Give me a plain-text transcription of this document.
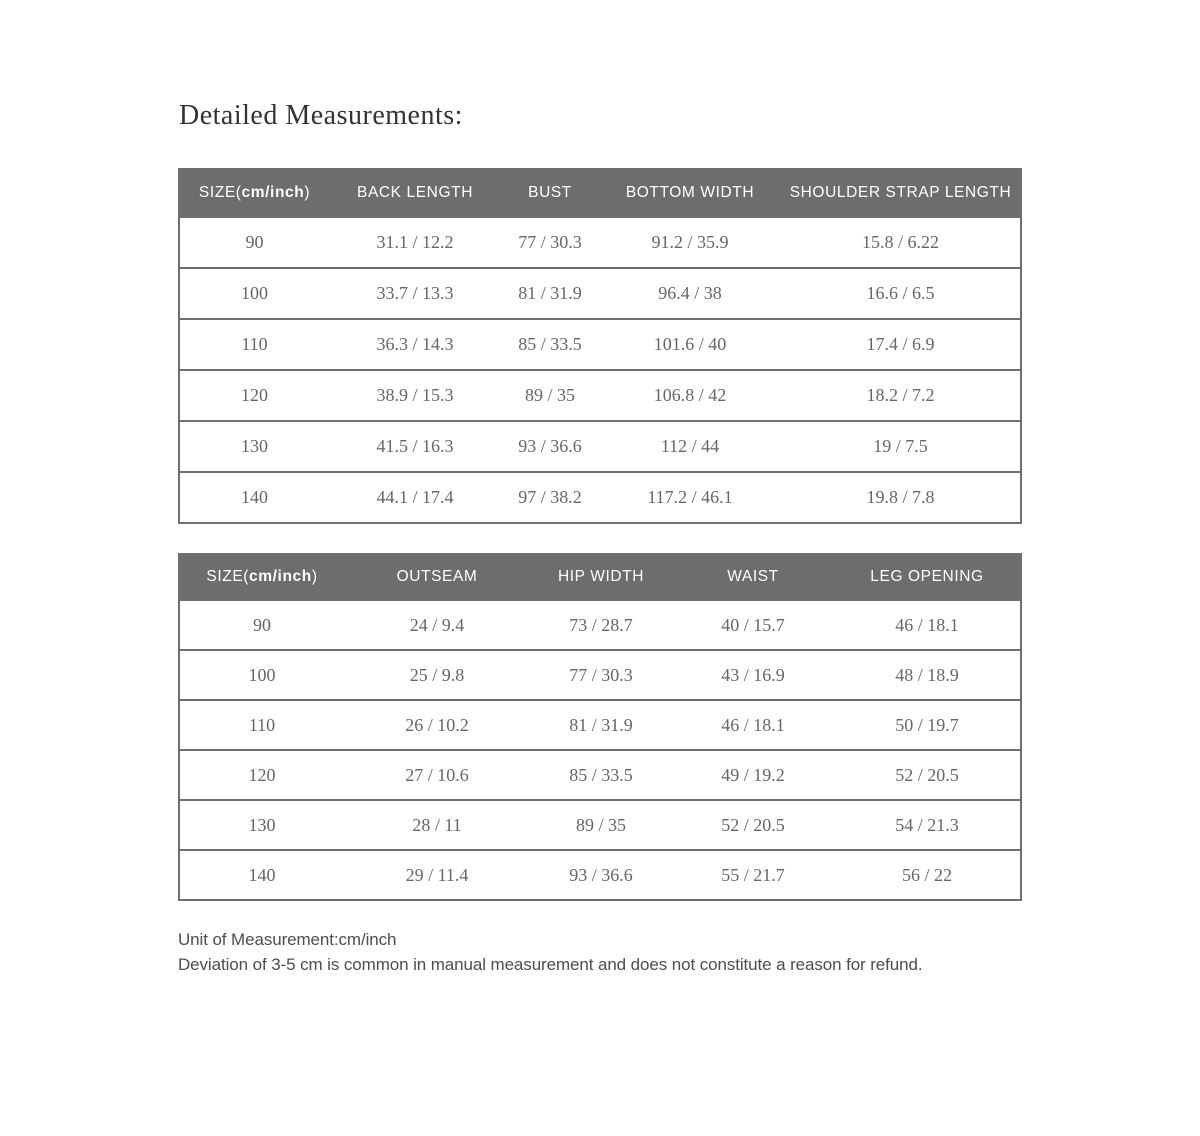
Detailed Measurements:
SIZE(cm/inch)	BACK LENGTH	BUST	BOTTOM WIDTH	SHOULDER STRAP LENGTH
90	31.1 / 12.2	77 / 30.3	91.2 / 35.9	15.8 / 6.22
100	33.7 / 13.3	81 / 31.9	96.4 / 38	16.6 / 6.5
110	36.3 / 14.3	85 / 33.5	101.6 / 40	17.4 / 6.9
120	38.9 / 15.3	89 / 35	106.8 / 42	18.2 / 7.2
130	41.5 / 16.3	93 / 36.6	112 / 44	19 / 7.5
140	44.1 / 17.4	97 / 38.2	117.2 / 46.1	19.8 / 7.8
SIZE(cm/inch)	OUTSEAM	HIP WIDTH	WAIST	LEG OPENING
90	24 / 9.4	73 / 28.7	40 / 15.7	46 / 18.1
100	25 / 9.8	77 / 30.3	43 / 16.9	48 / 18.9
110	26 / 10.2	81 / 31.9	46 / 18.1	50 / 19.7
120	27 / 10.6	85 / 33.5	49 / 19.2	52 / 20.5
130	28 / 11	89 / 35	52 / 20.5	54 / 21.3
140	29 / 11.4	93 / 36.6	55 / 21.7	56 / 22
Unit of Measurement:cm/inch
Deviation of 3-5 cm is common in manual measurement and does not constitute a reason for refund.
